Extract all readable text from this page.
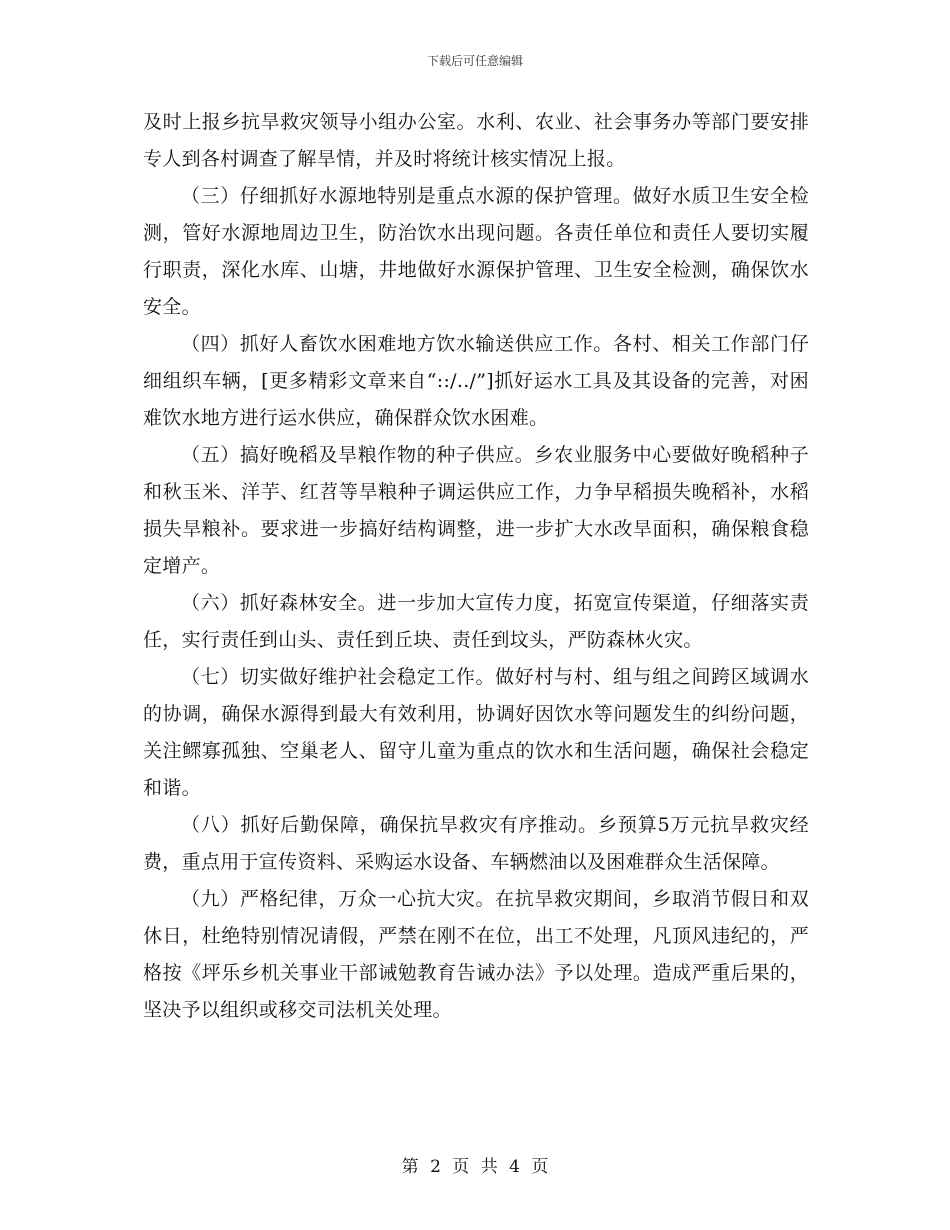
下载后可任意编辑

及时上报乡抗旱救灾领导小组办公室。水利、农业、社会事务办等部门要安排专人到各村调查了解旱情，并及时将统计核实情况上报。

（三）仔细抓好水源地特别是重点水源的保护管理。做好水质卫生安全检测，管好水源地周边卫生，防治饮水出现问题。各责任单位和责任人要切实履行职责，深化水库、山塘，井地做好水源保护管理、卫生安全检测，确保饮水安全。

（四）抓好人畜饮水困难地方饮水输送供应工作。各村、相关工作部门仔细组织车辆，[更多精彩文章来自“::/../”]抓好运水工具及其设备的完善，对困难饮水地方进行运水供应，确保群众饮水困难。

（五）搞好晚稻及旱粮作物的种子供应。乡农业服务中心要做好晚稻种子和秋玉米、洋芋、红苕等旱粮种子调运供应工作，力争早稻损失晚稻补，水稻损失旱粮补。要求进一步搞好结构调整，进一步扩大水改旱面积，确保粮食稳定增产。

（六）抓好森林安全。进一步加大宣传力度，拓宽宣传渠道，仔细落实责任，实行责任到山头、责任到丘块、责任到坟头，严防森林火灾。

（七）切实做好维护社会稳定工作。做好村与村、组与组之间跨区域调水的协调，确保水源得到最大有效利用，协调好因饮水等问题发生的纠纷问题，关注鳏寡孤独、空巢老人、留守儿童为重点的饮水和生活问题，确保社会稳定和谐。

（八）抓好后勤保障，确保抗旱救灾有序推动。乡预算5万元抗旱救灾经费，重点用于宣传资料、采购运水设备、车辆燃油以及困难群众生活保障。

（九）严格纪律，万众一心抗大灾。在抗旱救灾期间，乡取消节假日和双休日，杜绝特别情况请假，严禁在刚不在位，出工不处理，凡顶风违纪的，严格按《坪乐乡机关事业干部诫勉教育告诫办法》予以处理。造成严重后果的，坚决予以组织或移交司法机关处理。

第 2 页 共 4 页
